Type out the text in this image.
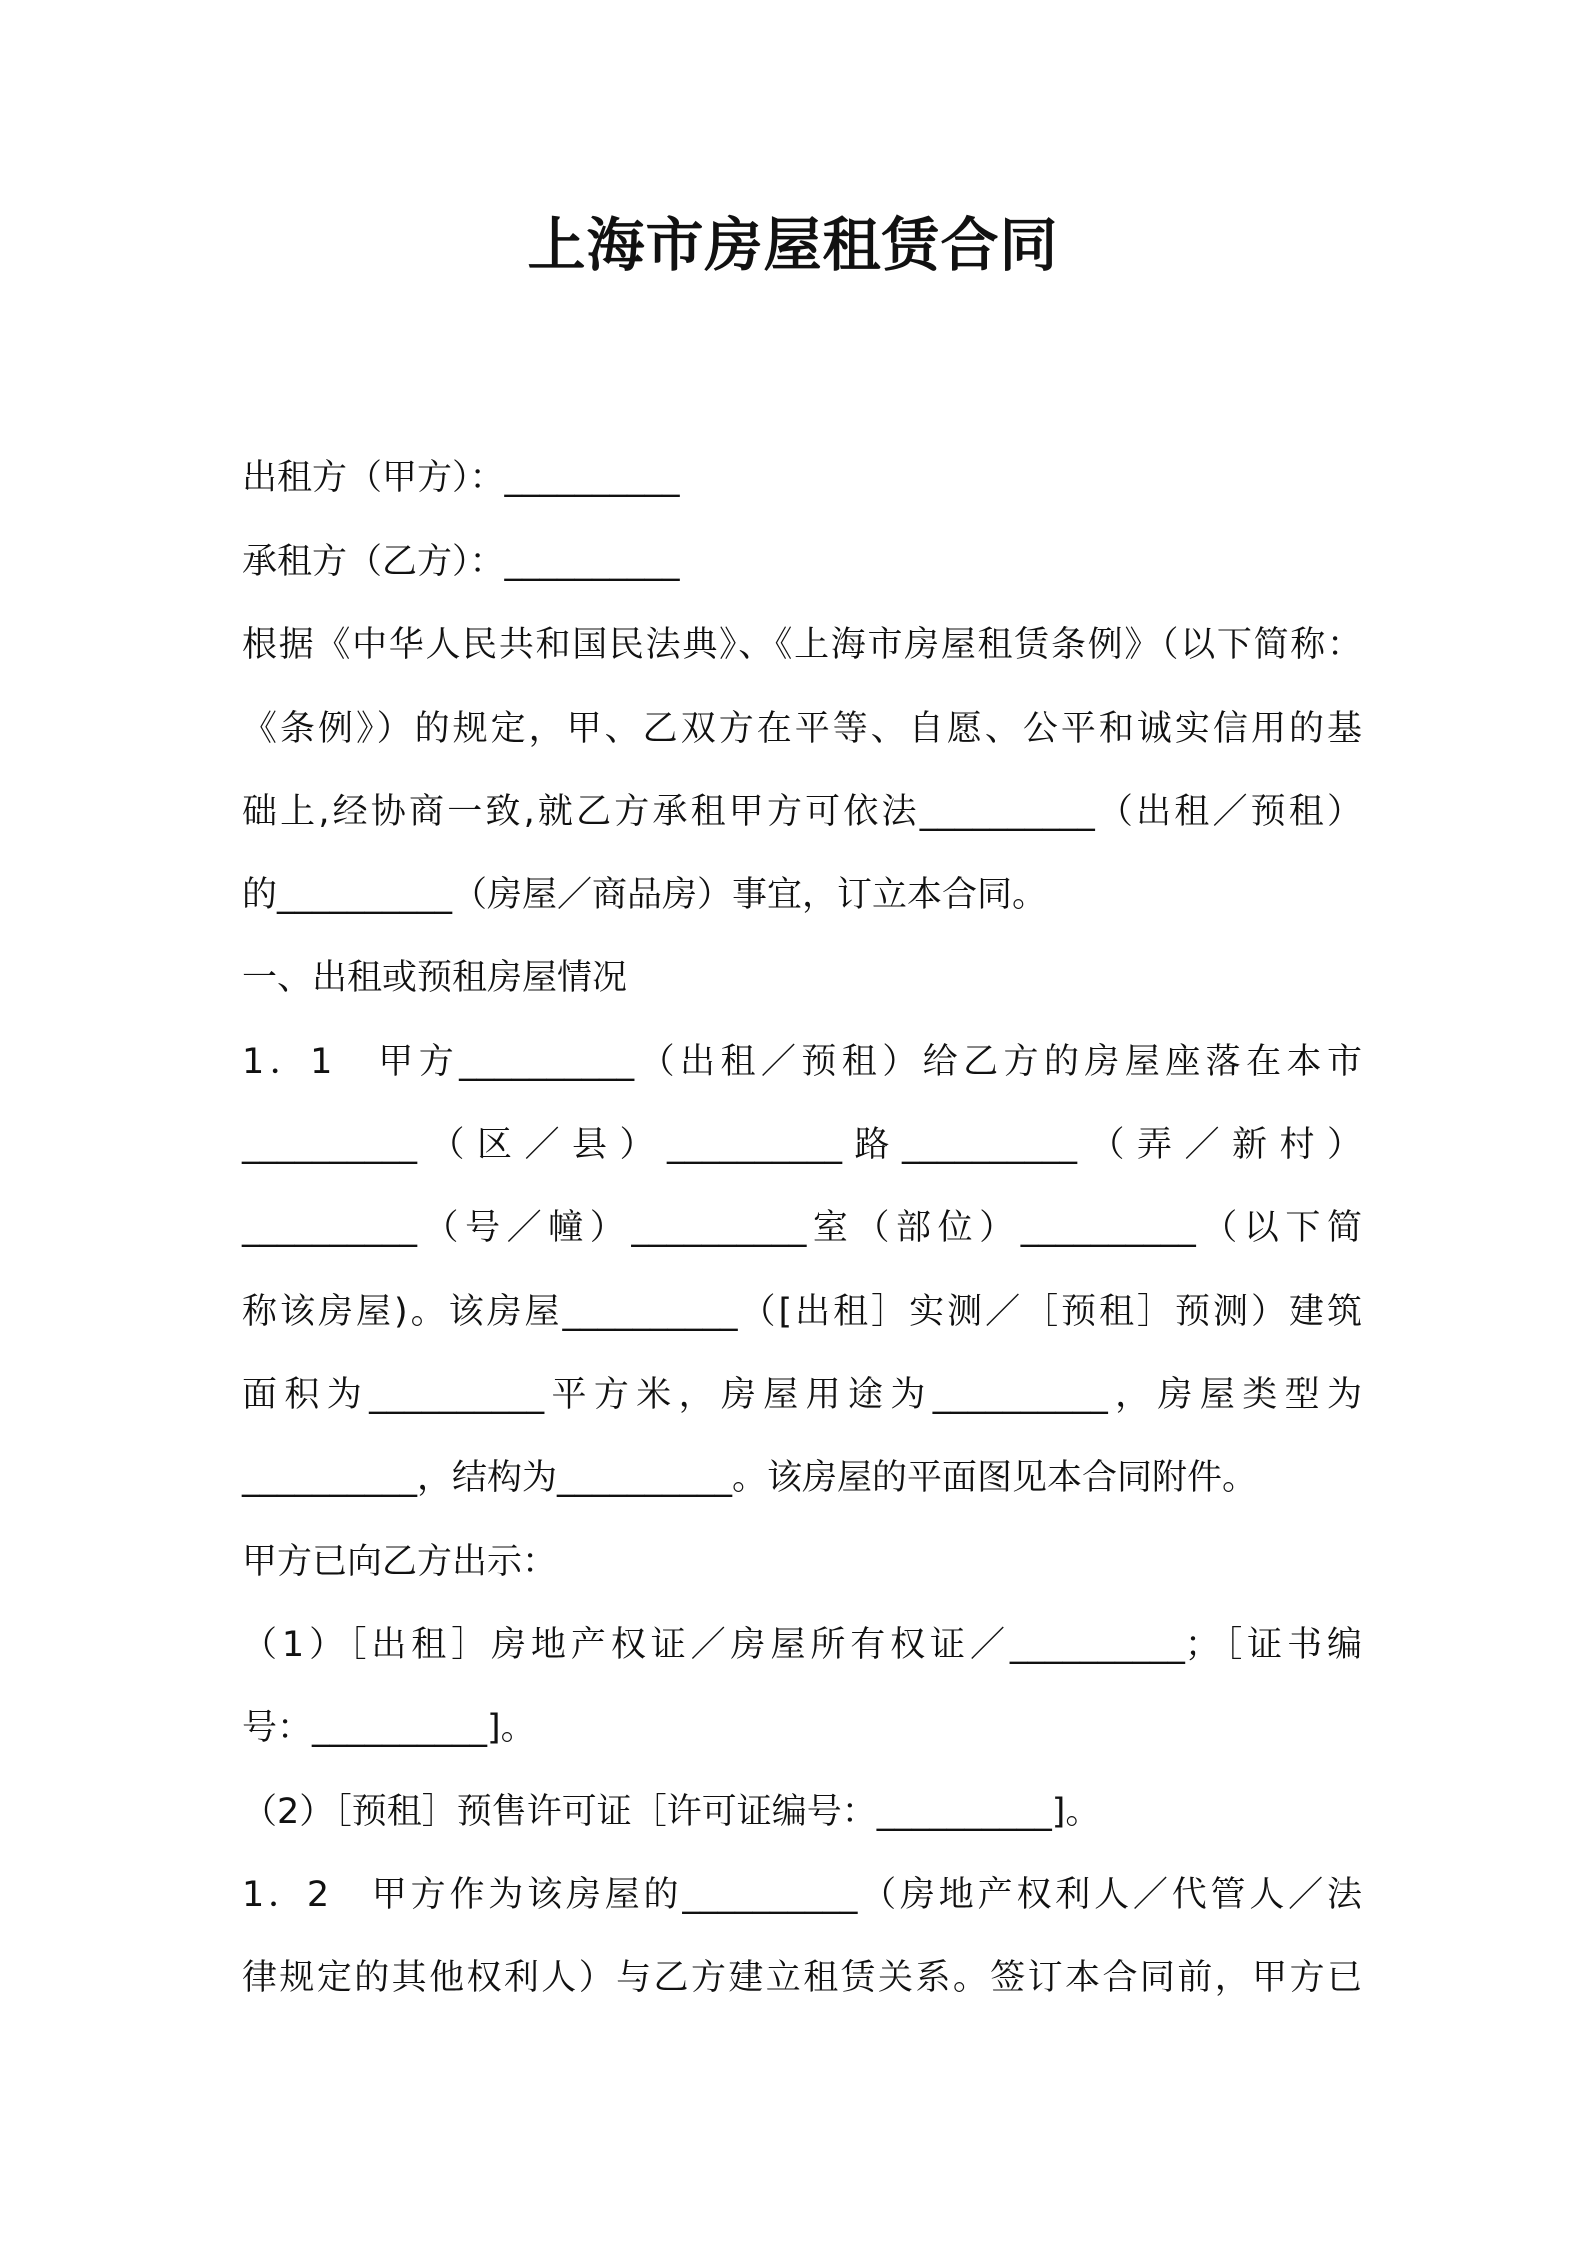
上海市房屋租赁合同
出租方（甲方）：__________
承租方（乙方）：__________
根据《中华人民共和国民法典》、《上海市房屋租赁条例》（以下简称：
《条例》）的规定，甲、乙双方在平等、自愿、公平和诚实信用的基
础上,经协商一致,就乙方承租甲方可依法__________（出租／预租）
的__________（房屋／商品房）事宜，订立本合同。
一、出租或预租房屋情况
1．1　甲方__________（出租／预租）给乙方的房屋座落在本市
__________（区／县）__________路__________（弄／新村）
__________（号／幢）__________室（部位）__________（以下简
称该房屋)。该房屋__________（[出租］实测／［预租］预测）建筑
面积为__________平方米，房屋用途为__________，房屋类型为
__________，结构为__________。该房屋的平面图见本合同附件。
甲方已向乙方出示：
（1）［出租］房地产权证／房屋所有权证／__________；［证书编
号：__________]。
（2）［预租］预售许可证［许可证编号：__________]。
1．2　甲方作为该房屋的__________（房地产权利人／代管人／法
律规定的其他权利人）与乙方建立租赁关系。签订本合同前，甲方已
